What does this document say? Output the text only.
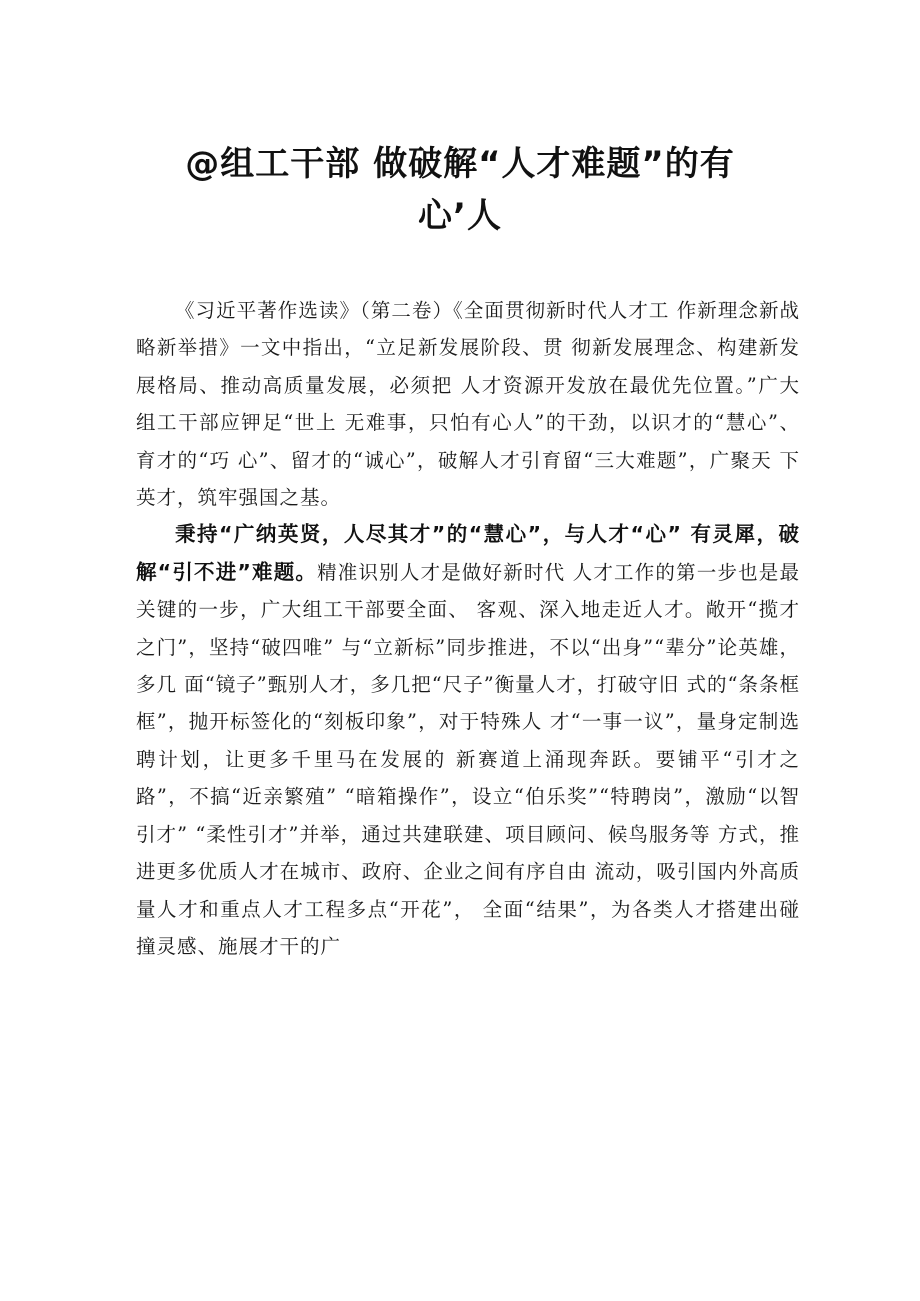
@组工干部 做破解“人才难题”的有
心’人

《习近平著作选读》（第二卷）《全面贯彻新时代人才工 作新理念新战略新举措》一文中指出，“立足新发展阶段、贯 彻新发展理念、构建新发展格局、推动高质量发展，必须把 人才资源开发放在最优先位置。”广大组工干部应钾足“世上 无难事，只怕有心人”的干劲，以识才的“慧心”、育才的“巧 心”、留才的“诚心”，破解人才引育留“三大难题”，广聚天 下英才，筑牢强国之基。

秉持“广纳英贤，人尽其才”的“慧心”，与人才“心” 有灵犀，破解“引不进”难题。精准识别人才是做好新时代 人才工作的第一步也是最关键的一步，广大组工干部要全面、 客观、深入地走近人才。敞开“揽才之门”，坚持“破四唯” 与“立新标”同步推进，不以“出身”“辈分”论英雄，多几 面“镜子”甄别人才，多几把“尺子”衡量人才，打破守旧 式的“条条框框”，抛开标签化的“刻板印象”，对于特殊人 才“一事一议”，量身定制选聘计划，让更多千里马在发展的 新赛道上涌现奔跃。要铺平“引才之路”，不搞“近亲繁殖” “暗箱操作”，设立“伯乐奖”“特聘岗”，激励“以智引才” “柔性引才”并举，通过共建联建、项目顾问、候鸟服务等 方式，推进更多优质人才在城市、政府、企业之间有序自由 流动，吸引国内外高质量人才和重点人才工程多点“开花”， 全面“结果”，为各类人才搭建出碰撞灵感、施展才干的广
